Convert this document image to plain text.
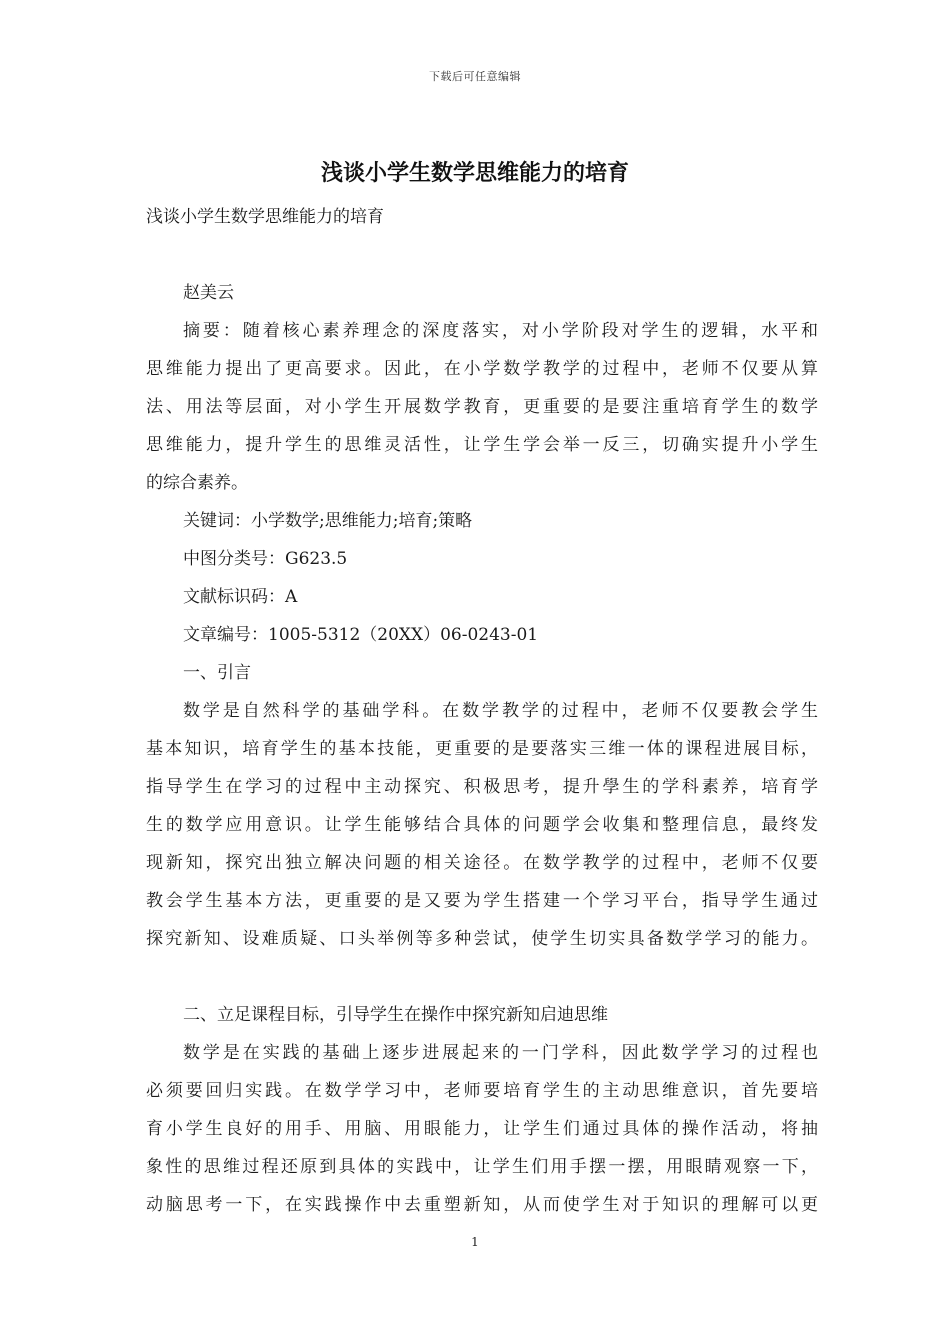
下载后可任意编辑
浅谈小学生数学思维能力的培育
浅谈小学生数学思维能力的培育
赵美云
摘要：随着核心素养理念的深度落实，对小学阶段对学生的逻辑，水平和
思维能力提出了更高要求。因此，在小学数学教学的过程中，老师不仅要从算
法、用法等层面，对小学生开展数学教育，更重要的是要注重培育学生的数学
思维能力，提升学生的思维灵活性，让学生学会举一反三，切确实提升小学生
的综合素养。
关键词：小学数学;思维能力;培育;策略
中图分类号：G623.5
文献标识码：A
文章编号：1005-5312（20XX）06-0243-01
一、引言
数学是自然科学的基础学科。在数学教学的过程中，老师不仅要教会学生
基本知识，培育学生的基本技能，更重要的是要落实三维一体的课程进展目标，
指导学生在学习的过程中主动探究、积极思考，提升學生的学科素养，培育学
生的数学应用意识。让学生能够结合具体的问题学会收集和整理信息，最终发
现新知，探究出独立解决问题的相关途径。在数学教学的过程中，老师不仅要
教会学生基本方法，更重要的是又要为学生搭建一个学习平台，指导学生通过
探究新知、设难质疑、口头举例等多种尝试，使学生切实具备数学学习的能力。
二、立足课程目标，引导学生在操作中探究新知启迪思维
数学是在实践的基础上逐步进展起来的一门学科，因此数学学习的过程也
必须要回归实践。在数学学习中，老师要培育学生的主动思维意识，首先要培
育小学生良好的用手、用脑、用眼能力，让学生们通过具体的操作活动，将抽
象性的思维过程还原到具体的实践中，让学生们用手摆一摆，用眼睛观察一下，
动脑思考一下，在实践操作中去重塑新知，从而使学生对于知识的理解可以更
1
